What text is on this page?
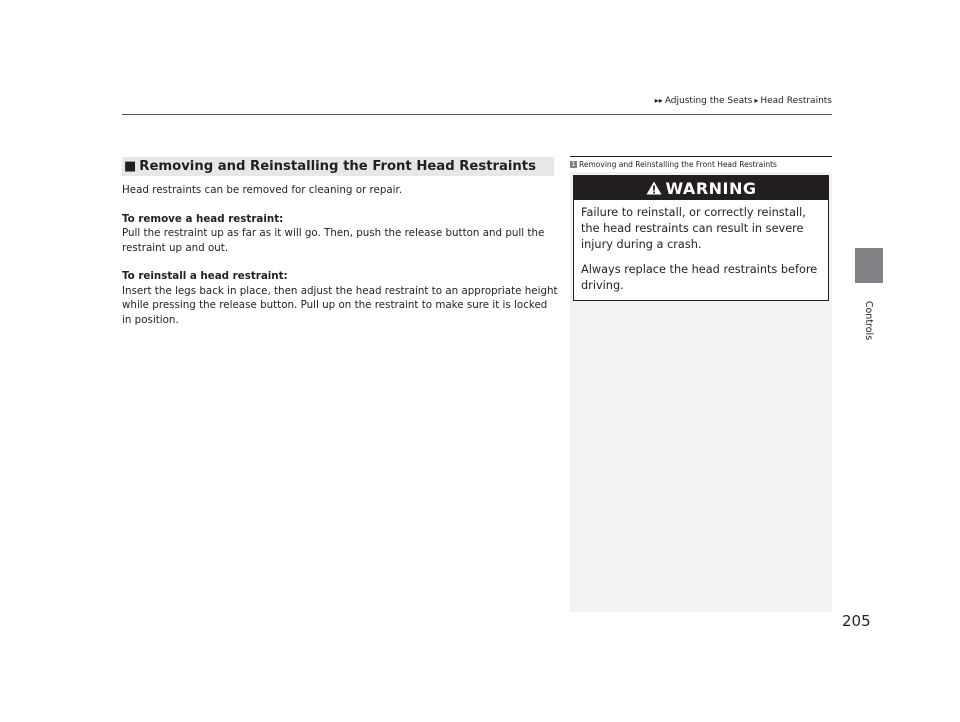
▸▸ Adjusting the Seats ▸ Head Restraints
Controls
■ Removing and Reinstalling the Front Head Restraints

Head restraints can be removed for cleaning or repair.

To remove a head restraint:

Pull the restraint up as far as it will go. Then, push the release button and pull the restraint up and out.

To reinstall a head restraint:

Insert the legs back in place, then adjust the head restraint to an appropriate height while pressing the release button. Pull up on the restraint to make sure it is locked in position.

1 Removing and Reinstalling the Front Head Restraints
WARNING

Failure to reinstall, or correctly reinstall, the head restraints can result in severe injury during a crash.

Always replace the head restraints before driving.

205
